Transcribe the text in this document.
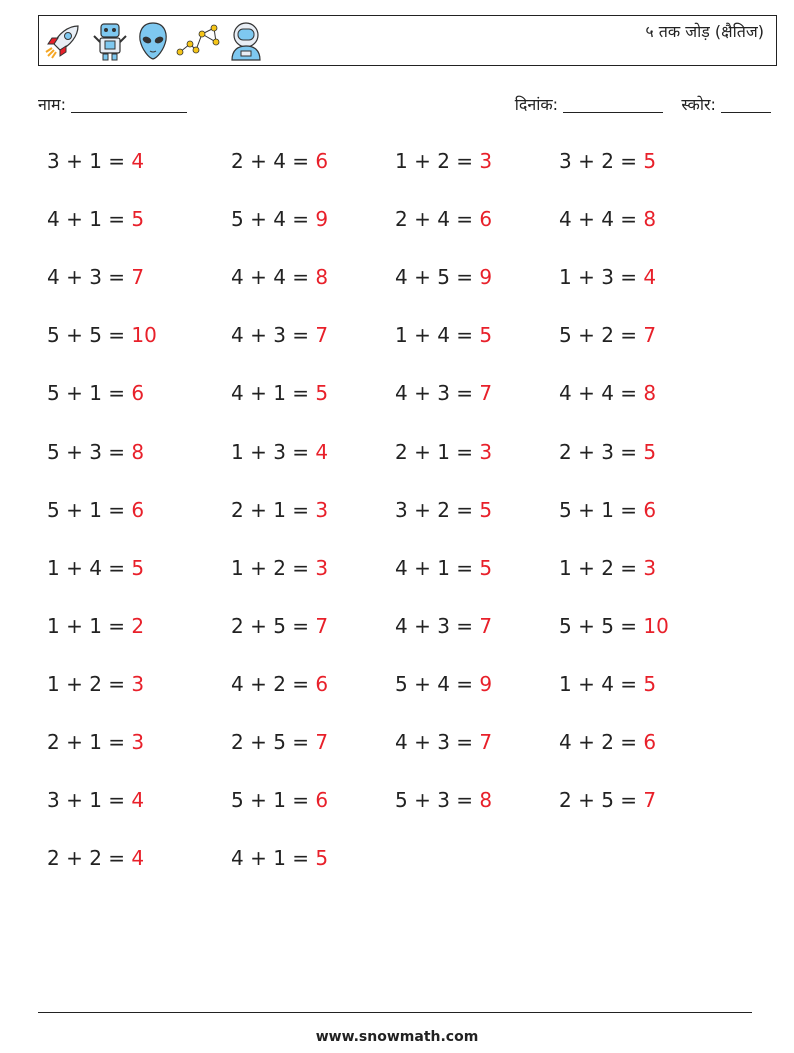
५ तक जोड़ (क्षैतिज)
नाम:	दिनांक:	स्कोर:
3 + 1 = 4	2 + 4 = 6	1 + 2 = 3	3 + 2 = 5
4 + 1 = 5	5 + 4 = 9	2 + 4 = 6	4 + 4 = 8
4 + 3 = 7	4 + 4 = 8	4 + 5 = 9	1 + 3 = 4
5 + 5 = 10	4 + 3 = 7	1 + 4 = 5	5 + 2 = 7
5 + 1 = 6	4 + 1 = 5	4 + 3 = 7	4 + 4 = 8
5 + 3 = 8	1 + 3 = 4	2 + 1 = 3	2 + 3 = 5
5 + 1 = 6	2 + 1 = 3	3 + 2 = 5	5 + 1 = 6
1 + 4 = 5	1 + 2 = 3	4 + 1 = 5	1 + 2 = 3
1 + 1 = 2	2 + 5 = 7	4 + 3 = 7	5 + 5 = 10
1 + 2 = 3	4 + 2 = 6	5 + 4 = 9	1 + 4 = 5
2 + 1 = 3	2 + 5 = 7	4 + 3 = 7	4 + 2 = 6
3 + 1 = 4	5 + 1 = 6	5 + 3 = 8	2 + 5 = 7
2 + 2 = 4	4 + 1 = 5
www.snowmath.com
